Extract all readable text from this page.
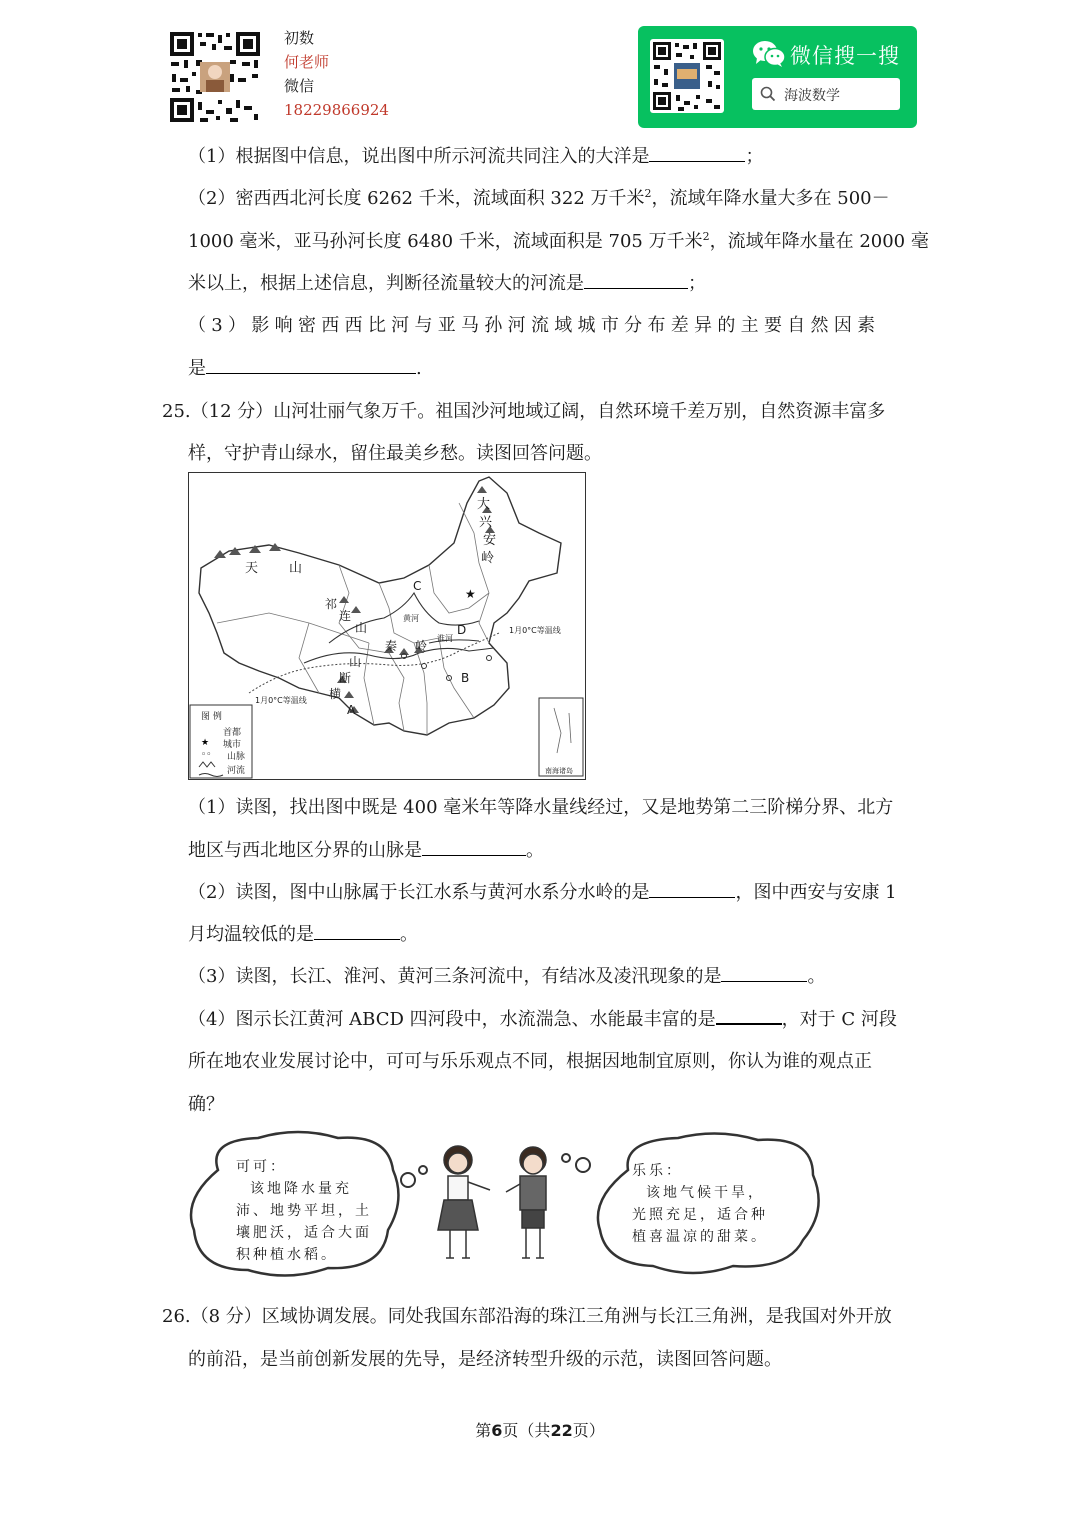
初数
何老师
微信
18229866924
微信搜一搜
海波数学
（1）根据图中信息，说出图中所示河流共同注入的大洋是	；
（2）密西西北河长度 6262 千米，流域面积 322 万千米$^2$，流域年降水量大多在 500－
1000 毫米，亚马孙河长度 6480 千米，流域面积是 705 万千米$^2$，流域年降水量在 2000 毫
米以上，根据上述信息，判断径流量较大的河流是	；
（3）影响密西西比河与亚马孙河流域城市分布差异的主要自然因素
是	.
25.（12 分）山河壮丽气象万千。祖国沙河地域辽阔，自然环境千差万别，自然资源丰富多
样，守护青山绿水，留住最美乡愁。读图回答问题。
★
★
◦◦
天 山
大
兴
安
岭
祁
连
山
秦 岭
横
断
山
C
D
B
A
1月0°C等温线
1月0°C等温线
淮河
黄河
图 例
首都
城市
山脉
河流	南海诸岛
（1）读图，找出图中既是 400 毫米年等降水量线经过，又是地势第二三阶梯分界、北方
地区与西北地区分界的山脉是	。
（2）读图，图中山脉属于长江水系与黄河水系分水岭的是	，图中西安与安康 1
月均温较低的是	。
（3）读图，长江、淮河、黄河三条河流中，有结冰及凌汛现象的是	。
（4）图示长江黄河 ABCD 四河段中，水流湍急、水能最丰富的是	，对于 C 河段
所在地农业发展讨论中，可可与乐乐观点不同，根据因地制宜原则，你认为谁的观点正
确？
可可：
该地降水量充
沛、地势平坦，土
壤肥沃，适合大面
积种植水稻。
乐乐：
该地气候干旱，
光照充足，适合种
植喜温凉的甜菜。
26.（8 分）区域协调发展。同处我国东部沿海的珠江三角洲与长江三角洲，是我国对外开放
的前沿，是当前创新发展的先导，是经济转型升级的示范，读图回答问题。
第6页（共22页）
